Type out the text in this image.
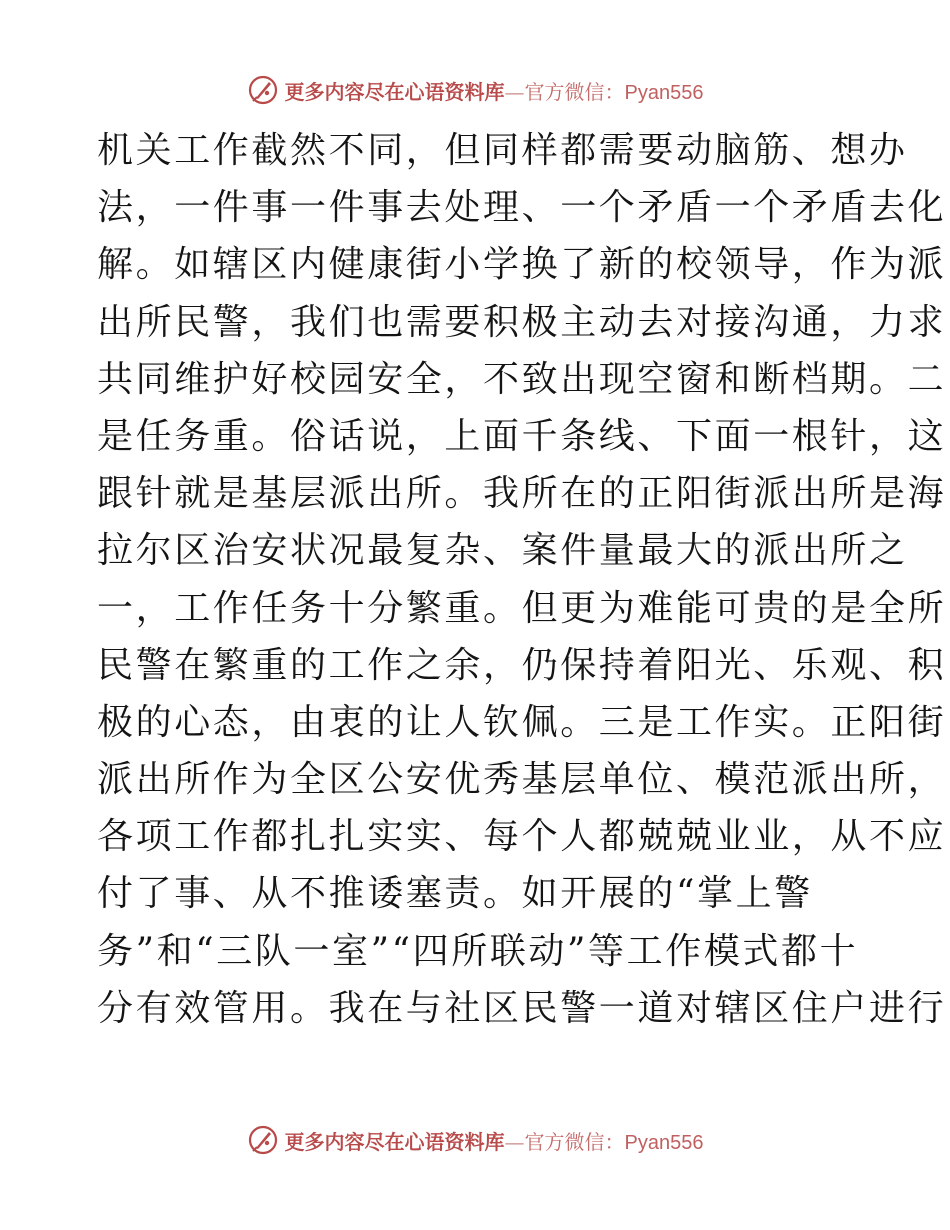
更多内容尽在心语资料库—官方微信：Pyan556
机关工作截然不同，但同样都需要动脑筋、想办
法，一件事一件事去处理、一个矛盾一个矛盾去化
解。如辖区内健康街小学换了新的校领导，作为派
出所民警，我们也需要积极主动去对接沟通，力求
共同维护好校园安全，不致出现空窗和断档期。二
是任务重。俗话说，上面千条线、下面一根针，这
跟针就是基层派出所。我所在的正阳街派出所是海
拉尔区治安状况最复杂、案件量最大的派出所之
一，工作任务十分繁重。但更为难能可贵的是全所
民警在繁重的工作之余，仍保持着阳光、乐观、积
极的心态，由衷的让人钦佩。三是工作实。正阳街
派出所作为全区公安优秀基层单位、模范派出所，
各项工作都扎扎实实、每个人都兢兢业业，从不应
付了事、从不推诿塞责。如开展的“掌上警
务”和“三队一室”“四所联动”等工作模式都十
分有效管用。我在与社区民警一道对辖区住户进行
更多内容尽在心语资料库—官方微信：Pyan556
